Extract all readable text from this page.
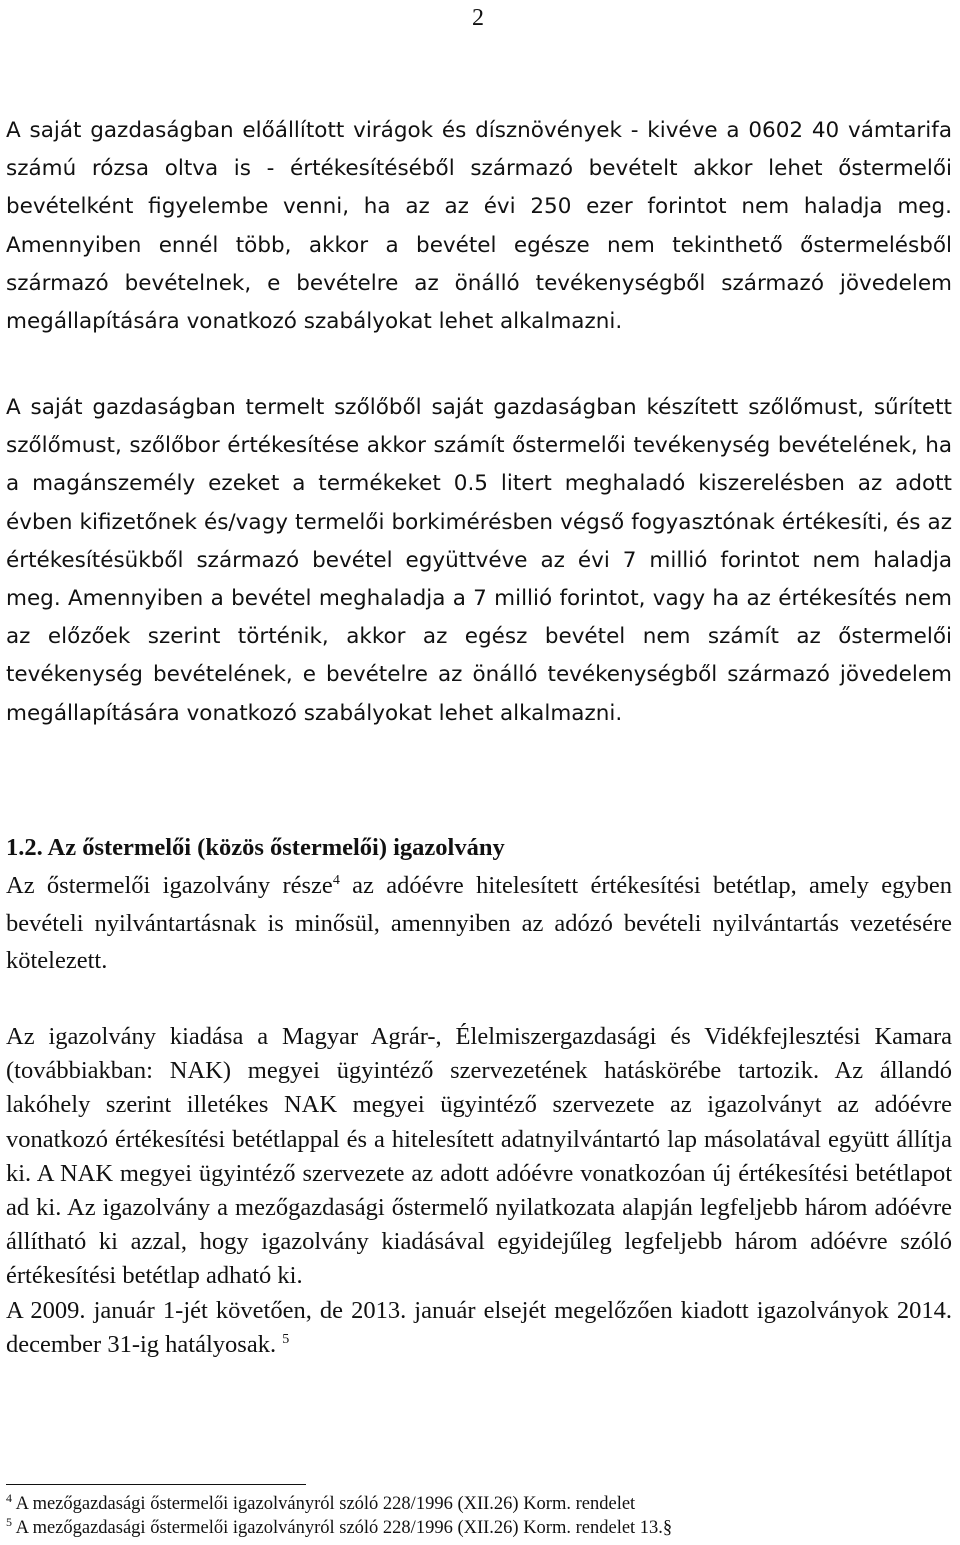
2

A saját gazdaságban előállított virágok és dísznövények - kivéve a 0602 40 vámtarifa számú rózsa oltva is - értékesítéséből származó bevételt akkor lehet őstermelői bevételként figyelembe venni, ha az az évi 250 ezer forintot nem haladja meg. Amennyiben ennél több, akkor a bevétel egésze nem tekinthető őstermelésből származó bevételnek, e bevételre az önálló tevékenységből származó jövedelem megállapítására vonatkozó szabályokat lehet alkalmazni.

A saját gazdaságban termelt szőlőből saját gazdaságban készített szőlőmust, sűrített szőlőmust, szőlőbor értékesítése akkor számít őstermelői tevékenység bevételének, ha a magánszemély ezeket a termékeket 0.5 litert meghaladó kiszerelésben az adott évben kifizetőnek és/vagy termelői borkimérésben végső fogyasztónak értékesíti, és az értékesítésükből származó bevétel együttvéve az évi 7 millió forintot nem haladja meg. Amennyiben a bevétel meghaladja a 7 millió forintot, vagy ha az értékesítés nem az előzőek szerint történik, akkor az egész bevétel nem számít az őstermelői tevékenység bevételének, e bevételre az önálló tevékenységből származó jövedelem megállapítására vonatkozó szabályokat lehet alkalmazni.

1.2. Az őstermelői (közös őstermelői) igazolvány

Az őstermelői igazolvány része$^4$ az adóévre hitelesített értékesítési betétlap, amely egyben bevételi nyilvántartásnak is minősül, amennyiben az adózó bevételi nyilvántartás vezetésére kötelezett.

Az igazolvány kiadása a Magyar Agrár-, Élelmiszergazdasági és Vidékfejlesztési Kamara (továbbiakban: NAK) megyei ügyintéző szervezetének hatáskörébe tartozik. Az állandó lakóhely szerint illetékes NAK megyei ügyintéző szervezete az igazolványt az adóévre vonatkozó értékesítési betétlappal és a hitelesített adatnyilvántartó lap másolatával együtt állítja ki. A NAK megyei ügyintéző szervezete az adott adóévre vonatkozóan új értékesítési betétlapot ad ki. Az igazolvány a mezőgazdasági őstermelő nyilatkozata alapján legfeljebb három adóévre állítható ki azzal, hogy igazolvány kiadásával egyidejűleg legfeljebb három adóévre szóló értékesítési betétlap adható ki.
A 2009. január 1-jét követően, de 2013. január elsejét megelőzően kiadott igazolványok 2014. december 31-ig hatályosak. $^5$

$^4$ A mezőgazdasági őstermelői igazolványról szóló 228/1996 (XII.26) Korm. rendelet

$^5$ A mezőgazdasági őstermelői igazolványról szóló 228/1996 (XII.26) Korm. rendelet 13.§
